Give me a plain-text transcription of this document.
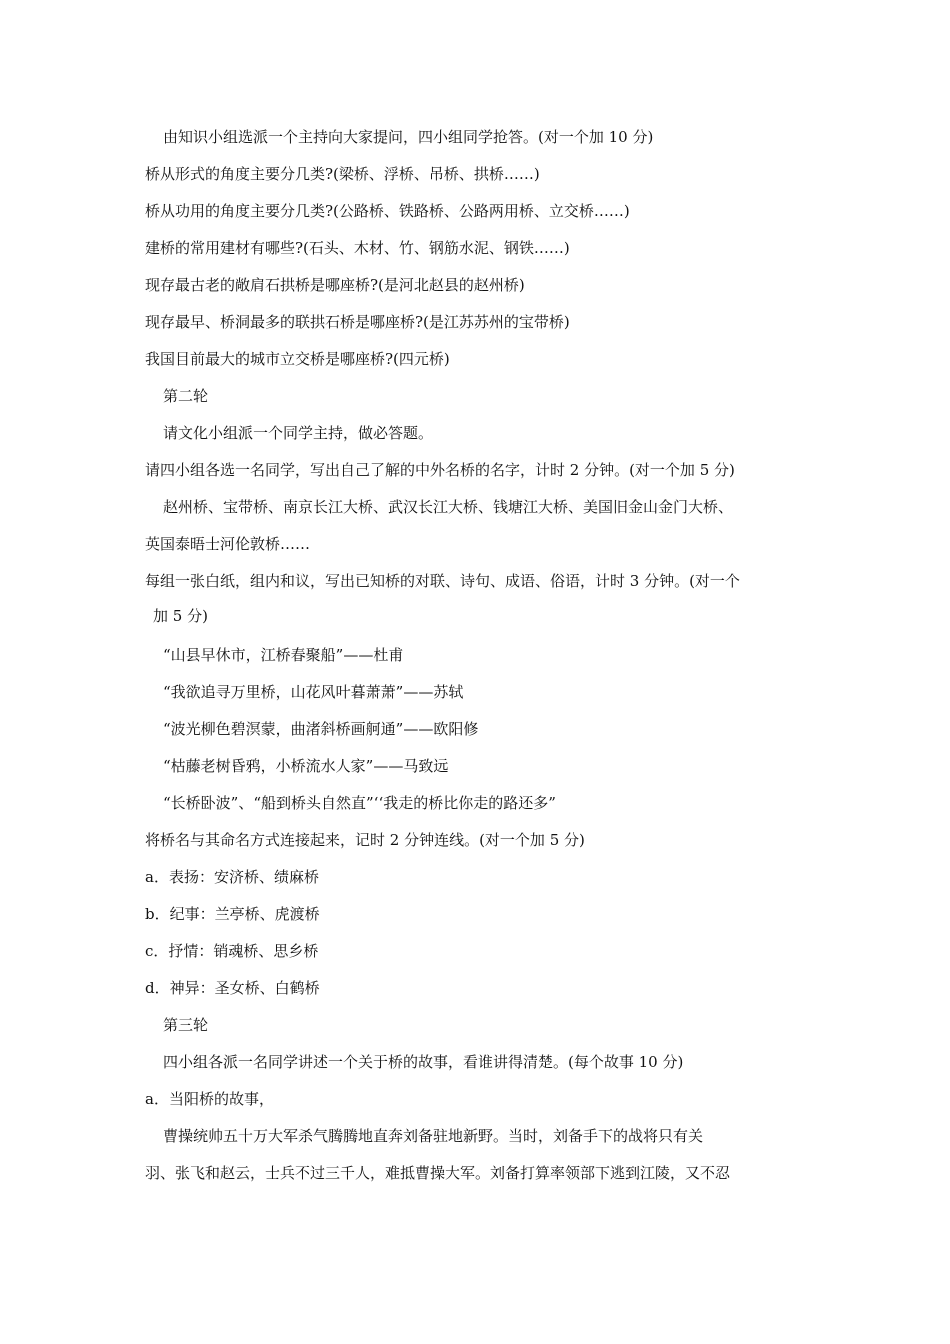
由知识小组选派一个主持向大家提问，四小组同学抢答。(对一个加 10 分)
桥从形式的角度主要分几类?(梁桥、浮桥、吊桥、拱桥……)
桥从功用的角度主要分几类?(公路桥、铁路桥、公路两用桥、立交桥……)
建桥的常用建材有哪些?(石头、木材、竹、钢筋水泥、钢铁……)
现存最古老的敞肩石拱桥是哪座桥?(是河北赵县的赵州桥)
现存最早、桥洞最多的联拱石桥是哪座桥?(是江苏苏州的宝带桥)
我国目前最大的城市立交桥是哪座桥?(四元桥)
第二轮
请文化小组派一个同学主持，做必答题。
请四小组各选一名同学，写出自己了解的中外名桥的名字，计时 2 分钟。(对一个加 5 分)
赵州桥、宝带桥、南京长江大桥、武汉长江大桥、钱塘江大桥、美国旧金山金门大桥、
英国泰晤士河伦敦桥……
每组一张白纸，组内和议，写出已知桥的对联、诗句、成语、俗语，计时 3 分钟。(对一个
加 5 分)
“山县早休市，江桥春聚船”——杜甫
“我欲追寻万里桥，山花风叶暮萧萧”——苏轼
“波光柳色碧溟蒙，曲渚斜桥画舸通”——欧阳修
“枯藤老树昏鸦，小桥流水人家”——马致远
“长桥卧波”、“船到桥头自然直”‘‘我走的桥比你走的路还多”
将桥名与其命名方式连接起来，记时 2 分钟连线。(对一个加 5 分)
a．表扬：安济桥、绩麻桥
b．纪事：兰亭桥、虎渡桥
c．抒情：销魂桥、思乡桥
d．神异：圣女桥、白鹤桥
第三轮
四小组各派一名同学讲述一个关于桥的故事，看谁讲得清楚。(每个故事 10 分)
a．当阳桥的故事，
曹操统帅五十万大军杀气腾腾地直奔刘备驻地新野。当时，刘备手下的战将只有关
羽、张飞和赵云，士兵不过三千人，难抵曹操大军。刘备打算率领部下逃到江陵，又不忍
